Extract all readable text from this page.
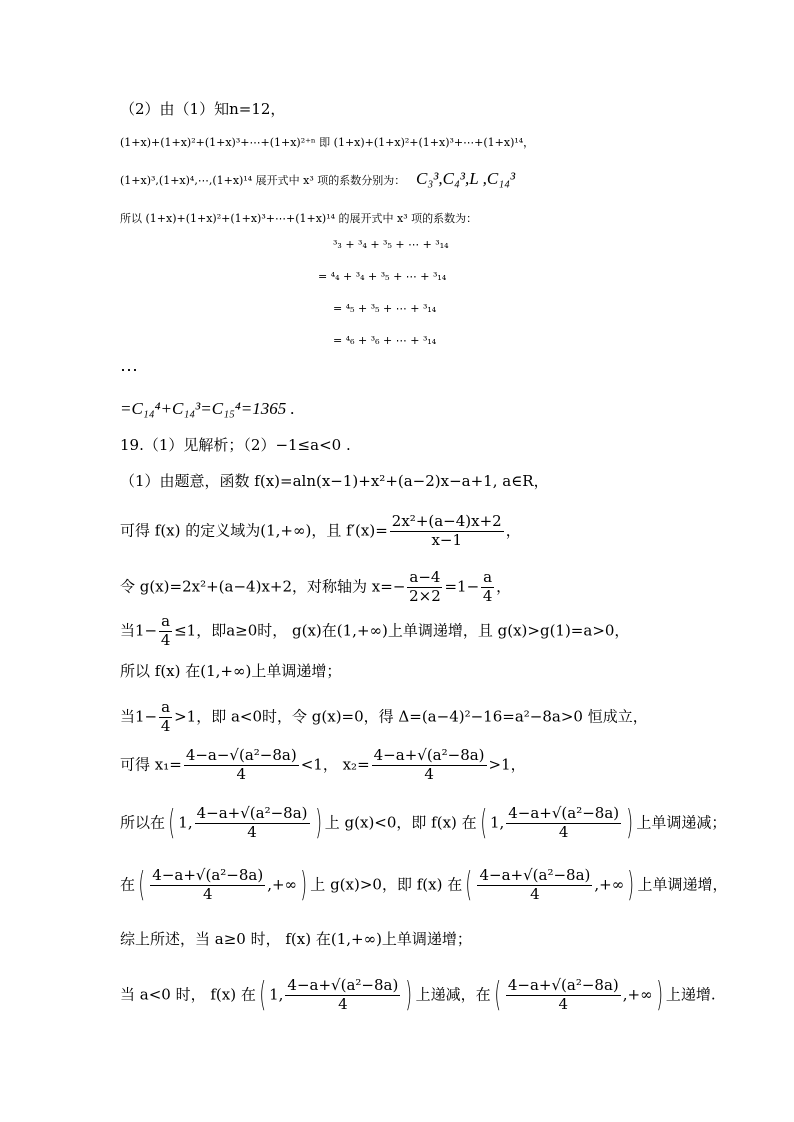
（2）由（1）知n=12，
(1+x)+(1+x)²+(1+x)³+⋯+(1+x)²⁺ⁿ 即 (1+x)+(1+x)²+(1+x)³+⋯+(1+x)¹⁴，
(1+x)³,(1+x)⁴,⋯,(1+x)¹⁴ 展开式中 x³ 项的系数分别为： C₃³,C₄³,L ,C₁₄³
所以 (1+x)+(1+x)²+(1+x)³+⋯+(1+x)¹⁴ 的展开式中 x³ 项的系数为：
³₃ + ³₄ + ³₅ + ⋯ + ³₁₄
= ⁴₄ + ³₄ + ³₅ + ⋯ + ³₁₄
= ⁴₅ + ³₅ + ⋯ + ³₁₄
= ⁴₆ + ³₆ + ⋯ + ³₁₄
⋯
=C₁₄⁴+C₁₄³=C₁₅⁴=1365 .
19.（1）见解析；（2）−1≤a<0 .
（1）由题意，函数 f(x)=aln(x−1)+x²+(a−2)x−a+1, a∈R，
可得 f(x) 的定义域为(1,+∞)，且 $f'(x)= \frac{\text{2x²+(a−4)x+2}}{x-1}$ ，
令 g(x)=2x²+(a−4)x+2，对称轴为 $x=- \frac{a-4}{2\times 2} =1- \frac{a}{4}$ ，
当$1- \frac{a}{4} \le 1$，即a≥0时， g(x)在(1,+∞)上单调递增，且 g(x)>g(1)=a>0，
所以 f(x) 在(1,+∞)上单调递增；
当$1- \frac{a}{4} >1$，即 a<0时，令 g(x)=0，得 Δ=(a−4)²−16=a²−8a>0 恒成立，
可得 $x_1= \frac{\text{4−a−√(a²−8a)}}{4} <1$， $x_2= \frac{\text{4−a+√(a²−8a)}}{4} >1$，
所以在( 1, $\frac{\text{4−a+√(a²−8a)}}{4}$ ) 上 g(x)<0，即 f(x) 在( 1, $\frac{\text{4−a+√(a²−8a)}}{4}$ ) 上单调递减；
在( $\frac{\text{4−a+√(a²−8a)}}{4}$ ,+∞) 上 g(x)>0，即 f(x) 在( $\frac{\text{4−a+√(a²−8a)}}{4}$ ,+∞) 上单调递增，
综上所述，当 a≥0 时， f(x) 在(1,+∞)上单调递增；
当 a<0 时， f(x) 在( 1, $\frac{\text{4−a+√(a²−8a)}}{4}$ ) 上递减，在( $\frac{\text{4−a+√(a²−8a)}}{4}$ ,+∞) 上递增.
